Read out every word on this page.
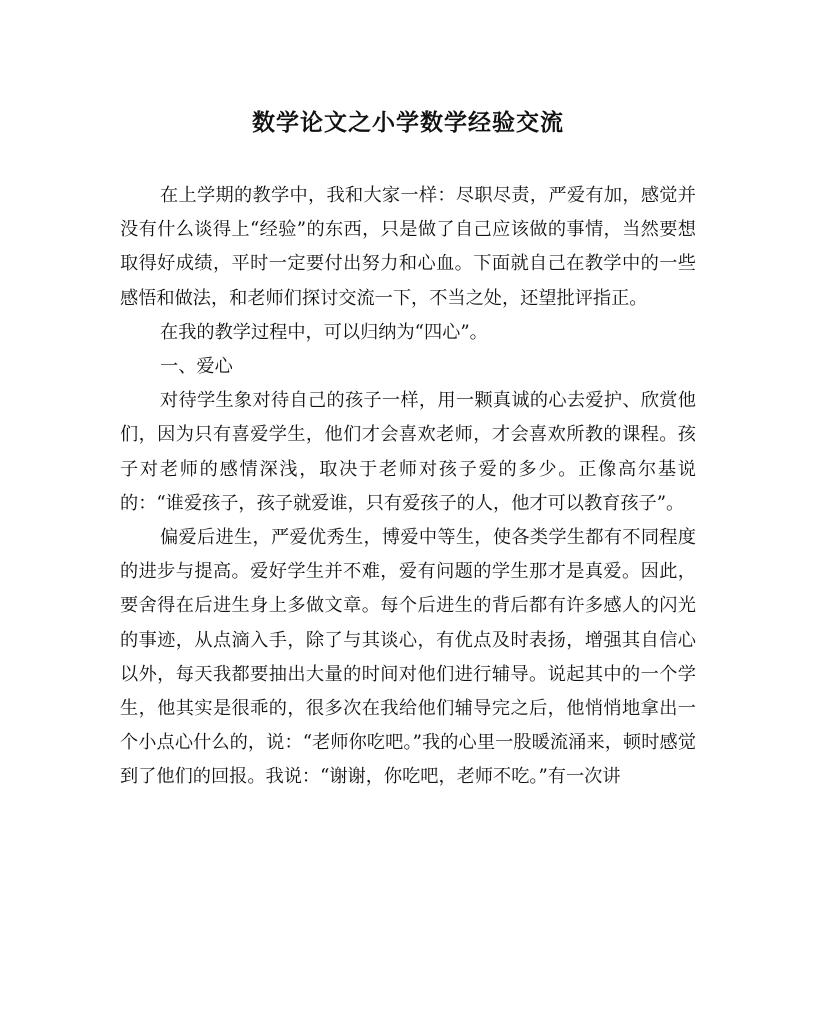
数学论文之小学数学经验交流

在上学期的教学中，我和大家一样：尽职尽责，严爱有加，感觉并没有什么谈得上“经验”的东西，只是做了自己应该做的事情，当然要想取得好成绩，平时一定要付出努力和心血。下面就自己在教学中的一些感悟和做法，和老师们探讨交流一下，不当之处，还望批评指正。

在我的教学过程中，可以归纳为“四心”。

一、爱心

对待学生象对待自己的孩子一样，用一颗真诚的心去爱护、欣赏他们，因为只有喜爱学生，他们才会喜欢老师，才会喜欢所教的课程。孩子对老师的感情深浅，取决于老师对孩子爱的多少。正像高尔基说的：“谁爱孩子，孩子就爱谁，只有爱孩子的人，他才可以教育孩子”。

偏爱后进生，严爱优秀生，博爱中等生，使各类学生都有不同程度的进步与提高。爱好学生并不难，爱有问题的学生那才是真爱。因此，要舍得在后进生身上多做文章。每个后进生的背后都有许多感人的闪光的事迹，从点滴入手，除了与其谈心，有优点及时表扬，增强其自信心以外，每天我都要抽出大量的时间对他们进行辅导。说起其中的一个学生，他其实是很乖的，很多次在我给他们辅导完之后，他悄悄地拿出一个小点心什么的，说：“老师你吃吧。”我的心里一股暖流涌来，顿时感觉到了他们的回报。我说：“谢谢，你吃吧，老师不吃。”有一次讲
